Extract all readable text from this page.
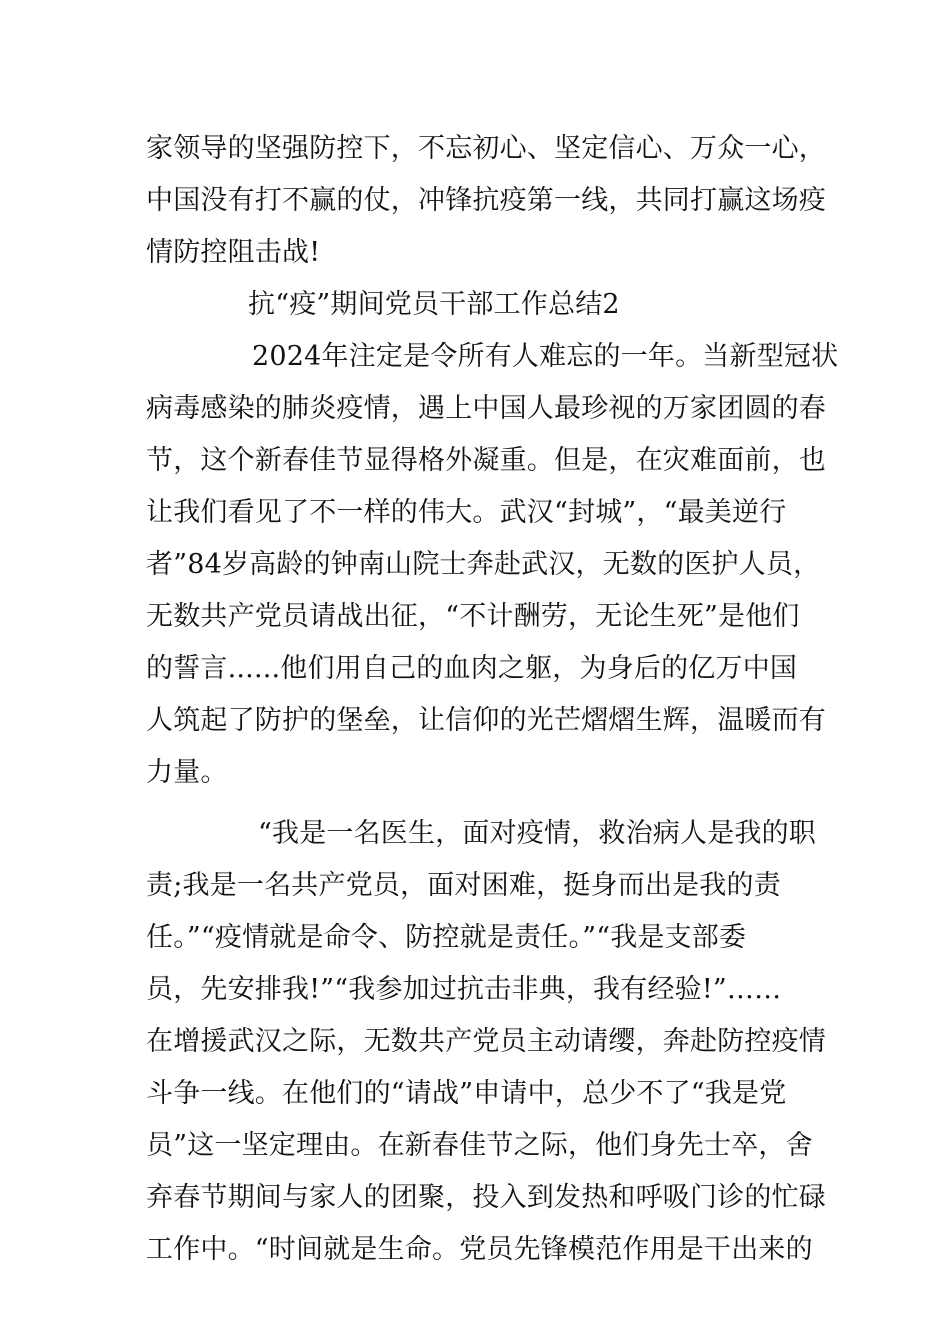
家领导的坚强防控下，不忘初心、坚定信心、万众一心，
中国没有打不赢的仗，冲锋抗疫第一线，共同打赢这场疫
情防控阻击战!
抗“疫”期间党员干部工作总结2
2024年注定是令所有人难忘的一年。当新型冠状
病毒感染的肺炎疫情，遇上中国人最珍视的万家团圆的春
节，这个新春佳节显得格外凝重。但是，在灾难面前，也
让我们看见了不一样的伟大。武汉“封城”，“最美逆行
者”84岁高龄的钟南山院士奔赴武汉，无数的医护人员，
无数共产党员请战出征，“不计酬劳，无论生死”是他们
的誓言......他们用自己的血肉之躯，为身后的亿万中国
人筑起了防护的堡垒，让信仰的光芒熠熠生辉，温暖而有
力量。
“我是一名医生，面对疫情，救治病人是我的职
责;我是一名共产党员，面对困难，挺身而出是我的责
任。”“疫情就是命令、防控就是责任。”“我是支部委
员，先安排我!”“我参加过抗击非典，我有经验!”……
在增援武汉之际，无数共产党员主动请缨，奔赴防控疫情
斗争一线。在他们的“请战”申请中，总少不了“我是党
员”这一坚定理由。在新春佳节之际，他们身先士卒，舍
弃春节期间与家人的团聚，投入到发热和呼吸门诊的忙碌
工作中。“时间就是生命。党员先锋模范作用是干出来的
